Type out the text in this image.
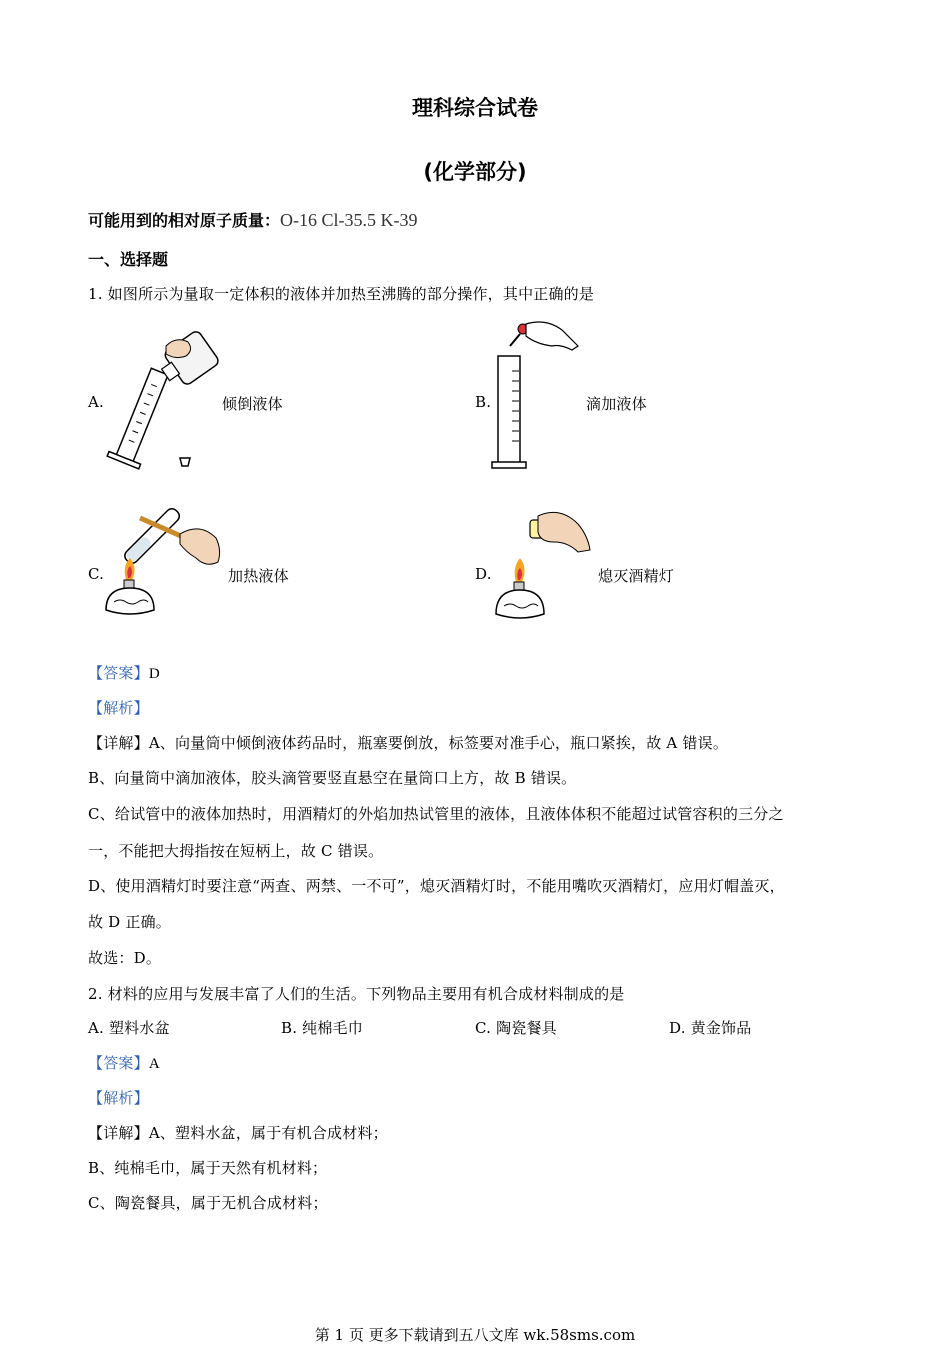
理科综合试卷
(化学部分)
可能用到的相对原子质量：O-16 Cl-35.5 K-39
一、选择题
1. 如图所示为量取一定体积的液体并加热至沸腾的部分操作，其中正确的是
A.	倾倒液体	B.	滴加液体
C.	加热液体	D.	熄灭酒精灯
【答案】D
【解析】
【详解】A、向量筒中倾倒液体药品时，瓶塞要倒放，标签要对准手心，瓶口紧挨，故 A 错误。
B、向量筒中滴加液体，胶头滴管要竖直悬空在量筒口上方，故 B 错误。
C、给试管中的液体加热时，用酒精灯的外焰加热试管里的液体，且液体体积不能超过试管容积的三分之
一，不能把大拇指按在短柄上，故 C 错误。
D、使用酒精灯时要注意“两查、两禁、一不可”，熄灭酒精灯时，不能用嘴吹灭酒精灯，应用灯帽盖灭，
故 D 正确。
故选：D。
2. 材料的应用与发展丰富了人们的生活。下列物品主要用有机合成材料制成的是
A. 塑料水盆	B. 纯棉毛巾	C. 陶瓷餐具	D. 黄金饰品
【答案】A
【解析】
【详解】A、塑料水盆，属于有机合成材料；
B、纯棉毛巾，属于天然有机材料；
C、陶瓷餐具，属于无机合成材料；
第 1 页 更多下载请到五八文库 wk.58sms.com
